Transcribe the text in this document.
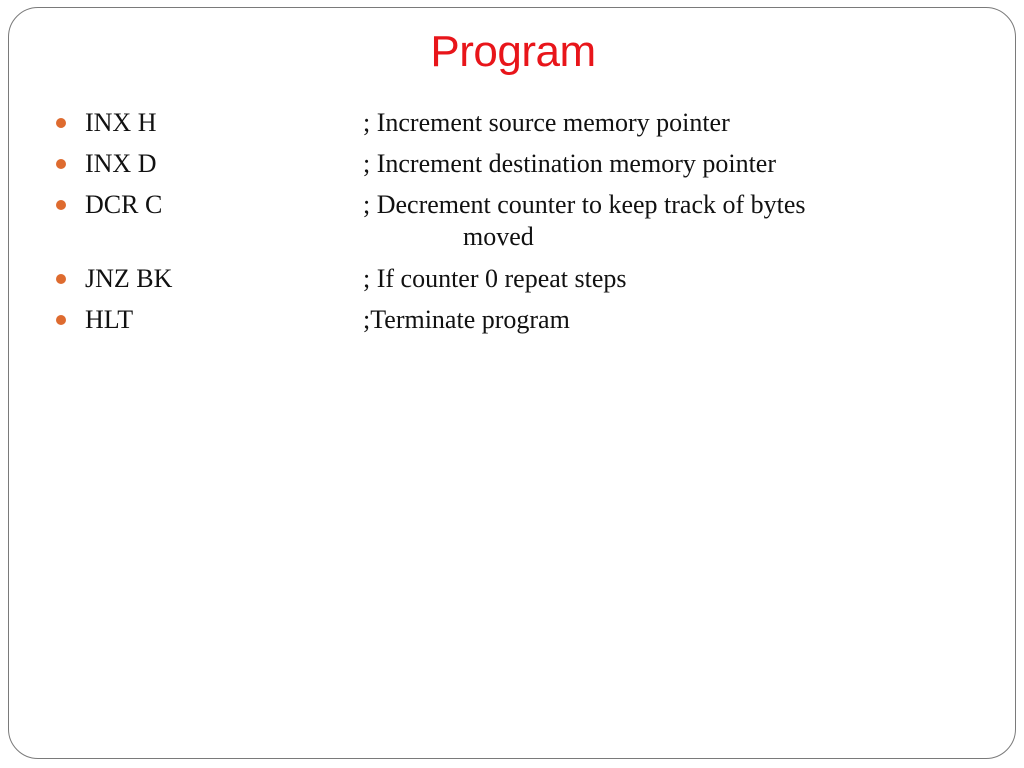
Program
INX H	; Increment source memory pointer
INX D	; Increment destination memory pointer
DCR C	; Decrement counter to keep track of bytes
moved
JNZ BK	; If counter 0 repeat steps
HLT	;Terminate program
